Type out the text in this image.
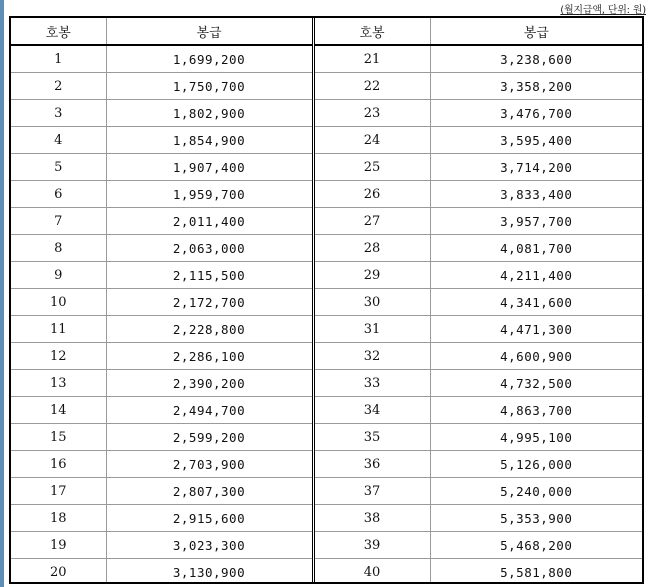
(월지급액, 단위: 원)
호봉	봉급	호봉	봉급
1	1,699,200	21	3,238,600
2	1,750,700	22	3,358,200
3	1,802,900	23	3,476,700
4	1,854,900	24	3,595,400
5	1,907,400	25	3,714,200
6	1,959,700	26	3,833,400
7	2,011,400	27	3,957,700
8	2,063,000	28	4,081,700
9	2,115,500	29	4,211,400
10	2,172,700	30	4,341,600
11	2,228,800	31	4,471,300
12	2,286,100	32	4,600,900
13	2,390,200	33	4,732,500
14	2,494,700	34	4,863,700
15	2,599,200	35	4,995,100
16	2,703,900	36	5,126,000
17	2,807,300	37	5,240,000
18	2,915,600	38	5,353,900
19	3,023,300	39	5,468,200
20	3,130,900	40	5,581,800
